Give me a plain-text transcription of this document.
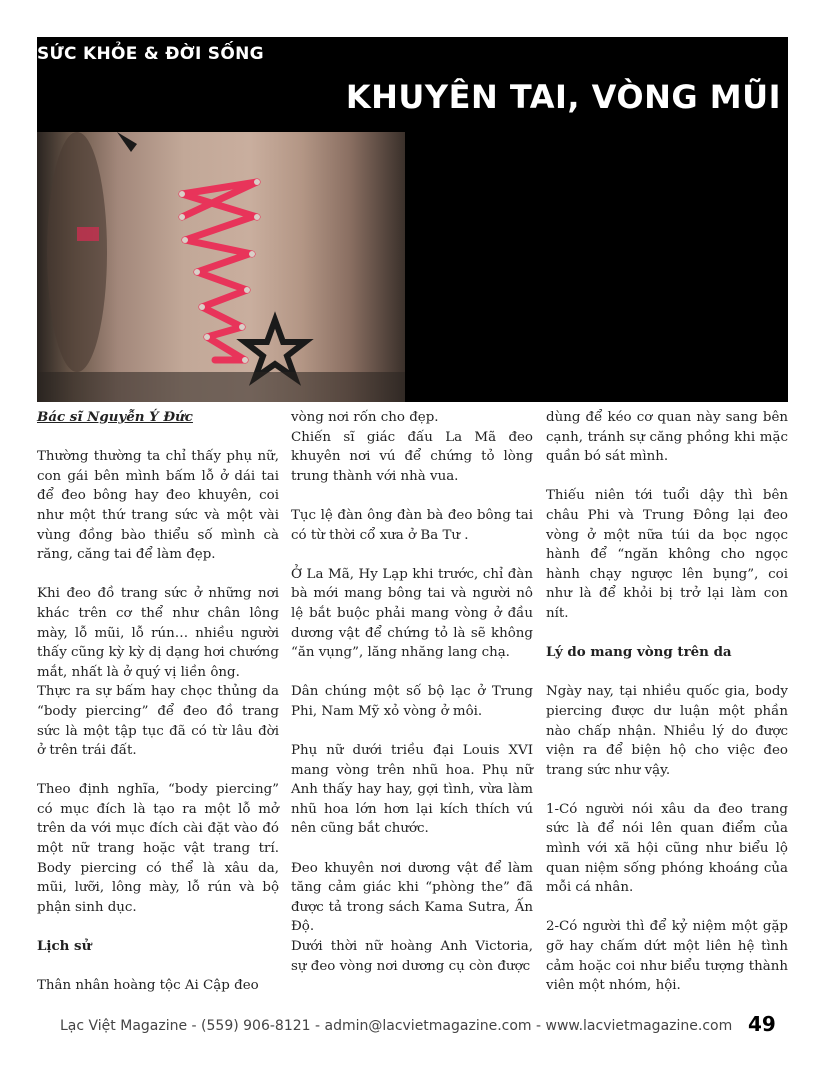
SỨC KHỎE & ĐỜI SỐNG
KHUYÊN TAI, VÒNG MŨI

Bác sĩ Nguyễn Ý Đức

Thường thường ta chỉ thấy phụ nữ, con gái bên mình bấm lỗ ở dái tai để đeo bông hay đeo khuyên, coi như một thứ trang sức và một vài vùng đồng bào thiểu số mình cà răng, căng tai để làm đẹp.

Khi đeo đồ trang sức ở những nơi khác trên cơ thể như chân lông mày, lỗ mũi, lỗ rún… nhiều người thấy cũng kỳ kỳ dị dạng hơi chướng mắt, nhất là ở quý vị liền ông.

Thực ra sự bấm hay chọc thủng da “body piercing” để đeo đồ trang sức là một tập tục đã có từ lâu đời ở trên trái đất.

Theo định nghĩa, “body piercing” có mục đích là tạo ra một lỗ mở trên da với mục đích cài đặt vào đó một nữ trang hoặc vật trang trí. Body piercing có thể là xâu da, mũi, lưỡi, lông mày, lỗ rún và bộ phận sinh dục.

Lịch sử

Thân nhân hoàng tộc Ai Cập đeo

vòng nơi rốn cho đẹp.

Chiến sĩ giác đấu La Mã đeo khuyên nơi vú để chứng tỏ lòng trung thành với nhà vua.

Tục lệ đàn ông đàn bà đeo bông tai có từ thời cổ xưa ở Ba Tư .

Ở La Mã, Hy Lạp khi trước, chỉ đàn bà mới mang bông tai và người nô lệ bắt buộc phải mang vòng ở đầu dương vật để chứng tỏ là sẽ không “ăn vụng”, lăng nhăng lang chạ.

Dân chúng một số bộ lạc ở Trung Phi, Nam Mỹ xỏ vòng ở môi.

Phụ nữ dưới triều đại Louis XVI mang vòng trên nhũ hoa. Phụ nữ Anh thấy hay hay, gợi tình, vừa làm nhũ hoa lớn hơn lại kích thích vú nên cũng bắt chước.

Đeo khuyên nơi dương vật để làm tăng cảm giác khi “phòng the” đã được tả trong sách Kama Sutra, Ấn Độ.

Dưới thời nữ hoàng Anh Victoria, sự đeo vòng nơi dương cụ còn được

dùng để kéo cơ quan này sang bên cạnh, tránh sự căng phồng khi mặc quần bó sát mình.

Thiếu niên tới tuổi dậy thì bên châu Phi và Trung Đông lại đeo vòng ở một nữa túi da bọc ngọc hành để “ngăn không cho ngọc hành chạy ngược lên bụng”, coi như là để khỏi bị trở lại làm con nít.

Lý do mang vòng trên da

Ngày nay, tại nhiều quốc gia, body piercing được dư luận một phần nào chấp nhận. Nhiều lý do được viện ra để biện hộ cho việc đeo trang sức như vậy.

1-Có người nói xâu da đeo trang sức là để nói lên quan điểm của mình với xã hội cũng như biểu lộ quan niệm sống phóng khoáng của mỗi cá nhân.

2-Có người thì để kỷ niệm một gặp gỡ hay chấm dứt một liên hệ tình cảm hoặc coi như biểu tượng thành viên một nhóm, hội.

Lạc Việt Magazine - (559) 906-8121 - admin@lacvietmagazine.com - www.lacvietmagazine.com 49
